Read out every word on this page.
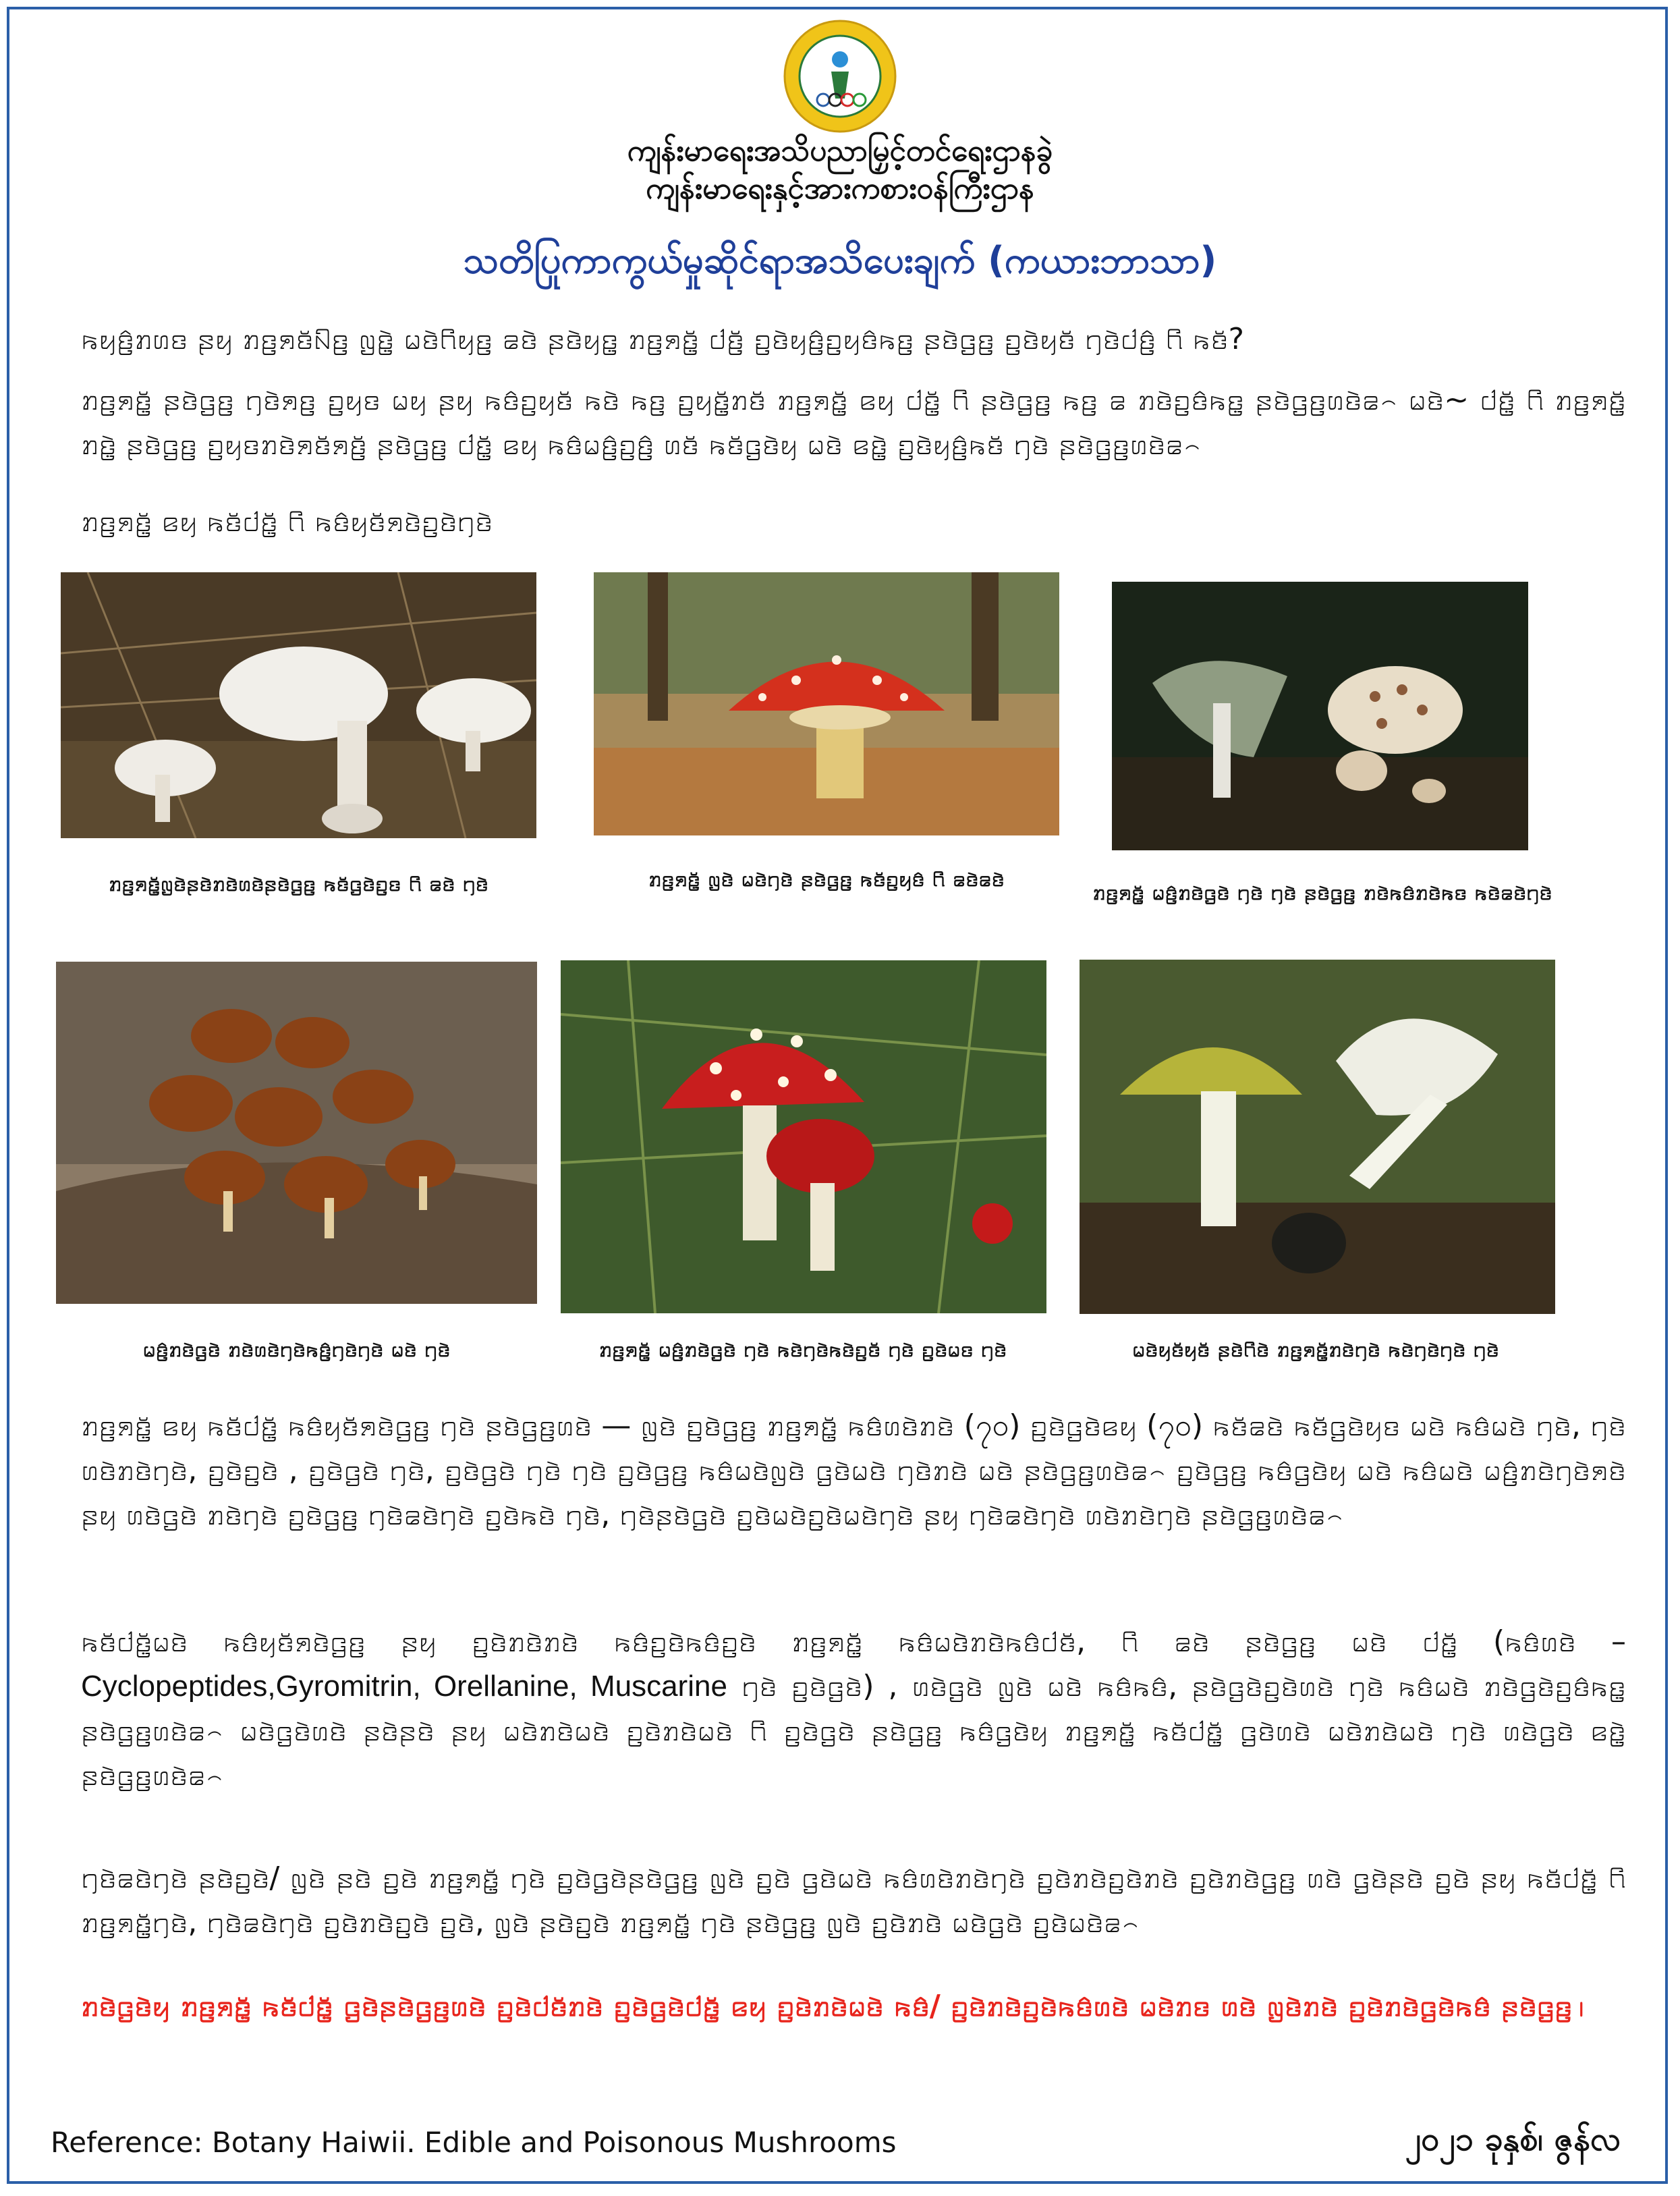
ကျန်းမာရေးအသိပညာမြှင့်တင်ရေးဌာနခွဲ
ကျန်းမာရေးနှင့်အားကစားဝန်ကြီးဌာန
သတိပြုကာကွယ်မှုဆိုင်ရာအသိပေးချက် (ကယားဘာသာ)
ꤒꤟꤢꤨ꤬ꤊꤛꤢ ꤔꤟ ꤊꤢ꤬ꤎꤢꤩꤡꤢ꤬ ꤜꤢꤧ꤭ ꤗꤢꤧꤖꤟꤢ꤬ ꤘꤢꤧ ꤔꤢꤧꤟꤢ꤭ ꤊꤢ꤬ꤎꤢꤩ꤭ ꤓꤢꤩ꤬ ꤑꤢꤧꤟꤢꤨ꤬ꤑꤟꤢꤨꤒꤢ꤬ ꤔꤢꤧꤞꤢ꤬ ꤑꤢꤧꤟꤢꤩ ꤚꤢꤧꤓꤢꤨ꤬ ꤖ ꤒꤢꤩ?
ꤊꤢ꤬ꤎꤢꤩ꤭ ꤔꤢꤧꤞꤢ꤬ ꤚꤢꤧꤎꤢ꤬ ꤑꤟꤢ ꤗꤟ ꤔꤟ ꤒꤢꤨꤑꤟꤢꤩ ꤒꤢꤧ ꤒꤢ꤬ ꤑꤟꤢꤩ꤭ꤊꤢꤩ ꤊꤢ꤬ꤎꤢꤩ꤭ ꤕꤟ ꤓꤢꤩ꤭ ꤖ ꤔꤢꤧꤞꤢ꤬ ꤒꤢ꤬ ꤘ ꤊꤢꤧꤑꤢꤨꤒꤢ꤭ ꤔꤢꤧꤞꤢ꤬ꤛꤢꤧꤘ꤮ ꤗꤢꤧ~ ꤓꤢꤩ꤭ ꤖ ꤊꤢ꤬ꤎꤢꤩ꤭ ꤊꤢꤧ꤭ ꤔꤢꤧꤞꤢ꤬ ꤑꤟꤢꤊꤢꤧꤎꤢꤩꤎꤢꤩ꤬ ꤔꤢꤧꤞꤢ꤬ ꤓꤢꤩ꤭ ꤕꤟ ꤒꤢꤨꤗꤢꤨ꤬ꤑꤢꤨ꤬ ꤛꤢꤩ ꤒꤢꤩꤞꤢꤧꤟ ꤗꤢꤧ ꤕꤢꤧ꤭ ꤑꤢꤧꤟꤢꤨ꤬ꤒꤢꤩ ꤚꤢꤧ ꤔꤢꤧꤞꤢ꤬ꤛꤢꤧꤘ꤮
ꤊꤢ꤬ꤎꤢꤩ꤭ ꤕꤟ ꤒꤢꤩꤓꤢꤩ꤭ ꤖ ꤒꤢꤨꤟꤢꤩꤎꤢꤧꤑꤢꤧꤚꤢꤧ
ꤊꤢ꤬ꤎꤢꤩ꤭ꤜꤢꤧꤔꤢꤧꤊꤢꤧꤛꤢꤧꤔꤢꤧꤞꤢ꤬ ꤒꤢꤩꤞꤢꤧꤑꤢ ꤖ ꤘꤢꤧ ꤚꤢꤧ	ꤊꤢ꤬ꤎꤢꤩ꤭ ꤜꤢꤧ ꤗꤢꤧꤚꤢꤧ ꤔꤢꤧꤞꤢ꤬ ꤒꤢꤩꤑꤟꤢꤨ ꤖ ꤘꤢꤧꤘꤢꤧ
ꤊꤢ꤬ꤎꤢꤩ꤭ ꤗꤢꤨ꤬ꤊꤢꤧꤞꤢꤧ ꤚꤢꤧ ꤚꤢꤧ ꤔꤢꤧꤞꤢ꤬ ꤊꤢꤧꤒꤢꤨꤊꤢꤧꤒꤢ ꤒꤢꤧꤘꤢꤧꤚꤢꤧ
ꤗꤢꤨ꤬ꤊꤢꤧꤞꤢꤧ ꤊꤢꤧꤛꤢꤧꤚꤢꤧꤒꤢꤨ꤬ꤚꤢꤧꤚꤢꤧ ꤗꤢꤧ ꤚꤢꤧ	ꤊꤢ꤬ꤎꤢꤩ꤭ ꤗꤢꤨ꤬ꤊꤢꤧꤞꤢꤧ ꤚꤢꤧ ꤒꤢꤧꤚꤢꤧꤒꤢꤧꤑꤢꤩ ꤚꤢꤧ ꤑꤢꤧꤗꤢ ꤚꤢꤧ	ꤗꤢꤧꤟꤢꤩꤟꤢꤩ ꤔꤢꤧꤖꤢꤧ ꤊꤢ꤬ꤎꤢꤩ꤭ꤊꤢꤧꤚꤢꤧ ꤒꤢꤧꤚꤢꤧꤚꤢꤧ ꤚꤢꤧ
ꤊꤢ꤬ꤎꤢꤩ꤭ ꤕꤟ ꤒꤢꤩꤓꤢꤩ꤭ ꤒꤢꤨꤟꤢꤩꤎꤢꤧꤞꤢ꤬ ꤚꤢꤧ ꤔꤢꤧꤞꤢ꤬ꤛꤢꤧ — ꤜꤢꤧ ꤑꤢꤧꤞꤢ꤬ ꤊꤢ꤬ꤎꤢꤩ꤭ ꤒꤢꤨꤛꤢꤧꤊꤢꤧ (၇၀) ꤑꤢꤧꤞꤢꤧꤕꤟ (၇၀) ꤒꤢꤩꤘꤢꤧ ꤒꤢꤩꤞꤢꤧꤟꤢ ꤗꤢꤧ ꤒꤢꤨꤗꤢꤧ ꤚꤢꤧ, ꤚꤢꤧ ꤛꤢꤧꤊꤢꤧꤚꤢꤧ, ꤑꤢꤧꤑꤢꤧ , ꤑꤢꤧꤞꤢꤧ ꤚꤢꤧ, ꤑꤢꤧꤞꤢꤧ ꤚꤢꤧ ꤚꤢꤧ ꤑꤢꤧꤞꤢ꤬ ꤒꤢꤨꤗꤢꤧꤜꤢꤧ ꤞꤢꤧꤗꤢꤧ ꤚꤢꤧꤊꤢꤧ ꤗꤢꤧ ꤔꤢꤧꤞꤢ꤬ꤛꤢꤧꤘ꤮ ꤑꤢꤧꤞꤢ꤬ ꤒꤢꤨꤞꤢꤧꤟ ꤗꤢꤧ ꤒꤢꤨꤗꤢꤧ ꤗꤢꤨ꤬ꤊꤢꤧꤚꤢꤧꤎꤢꤧ ꤔꤟ ꤛꤢꤧꤞꤢꤧ ꤊꤢꤧꤚꤢꤧ ꤑꤢꤧꤞꤢ꤬ ꤚꤢꤧꤘꤢꤧꤚꤢꤧ ꤑꤢꤧꤒꤢꤧ ꤚꤢꤧ, ꤚꤢꤧꤔꤢꤧꤞꤢꤧ ꤑꤢꤧꤗꤢꤧꤑꤢꤧꤗꤢꤧꤚꤢꤧ ꤔꤟ ꤚꤢꤧꤘꤢꤧꤚꤢꤧ ꤛꤢꤧꤊꤢꤧꤚꤢꤧ ꤔꤢꤧꤞꤢ꤬ꤛꤢꤧꤘ꤮
ꤒꤢꤩꤓꤢꤩ꤭ꤗꤢꤧ ꤒꤢꤨꤟꤢꤩꤎꤢꤧꤞꤢ꤬ ꤔꤟ ꤑꤢꤧꤊꤢꤧꤊꤢꤧ ꤒꤢꤨꤑꤢꤧꤒꤢꤨꤑꤢꤧ ꤊꤢ꤬ꤎꤢꤩ꤭ ꤒꤢꤨꤗꤢꤧꤊꤢꤧꤒꤢꤨꤓꤢꤩ, ꤖ ꤘꤢꤧ ꤔꤢꤧꤞꤢ꤬ ꤗꤢꤧ ꤓꤢꤩ꤭ (ꤒꤢꤨꤛꤢꤧ – Cyclopeptides,Gyromitrin, Orellanine, Muscarine ꤚꤢꤧ ꤑꤢꤧꤞꤢꤧ) , ꤛꤢꤧꤞꤢꤧ ꤜꤢꤧ ꤗꤢꤧ ꤒꤢꤨꤒꤢꤨ, ꤔꤢꤧꤞꤢꤧꤑꤢꤧꤛꤢꤧ ꤚꤢꤧ ꤒꤢꤨꤗꤢꤧ ꤊꤢꤧꤞꤢꤧꤑꤢꤨꤒꤢ꤭ ꤔꤢꤧꤞꤢ꤬ꤛꤢꤧꤘ꤮ ꤗꤢꤧꤞꤢꤧꤛꤢꤧ ꤔꤢꤧꤔꤢꤧ ꤔꤟ ꤗꤢꤧꤊꤢꤧꤗꤢꤧ ꤑꤢꤧꤊꤢꤧꤗꤢꤧ ꤖ ꤑꤢꤧꤞꤢꤧ ꤔꤢꤧꤞꤢ꤬ ꤒꤢꤨꤞꤢꤧꤟ ꤊꤢ꤬ꤎꤢꤩ꤭ ꤒꤢꤩꤓꤢꤩ꤭ ꤞꤢꤧꤛꤢꤧ ꤗꤢꤧꤊꤢꤧꤗꤢꤧ ꤚꤢꤧ ꤛꤢꤧꤞꤢꤧ ꤕꤢꤧ꤭ ꤔꤢꤧꤞꤢ꤬ꤛꤢꤧꤘ꤮
ꤚꤢꤧꤘꤢꤧꤚꤢꤧ ꤔꤢꤧꤑꤢꤧ/ ꤜꤢꤧ ꤔꤢꤧ ꤑꤢꤧ ꤊꤢ꤬ꤎꤢꤩ꤭ ꤚꤢꤧ ꤑꤢꤧꤞꤢꤧꤔꤢꤧꤞꤢ꤬ ꤜꤢꤧ ꤑꤢꤧ ꤞꤢꤧꤗꤢꤧ ꤒꤢꤨꤛꤢꤧꤊꤢꤧꤚꤢꤧ ꤑꤢꤧꤊꤢꤧꤑꤢꤧꤊꤢꤧ ꤑꤢꤧꤊꤢꤧꤞꤢ꤬ ꤛꤢꤧ ꤞꤢꤧꤔꤢꤧ ꤑꤢꤧ ꤔꤟ ꤒꤢꤩꤓꤢꤩ꤭ ꤖ ꤊꤢ꤬ꤎꤢꤩ꤭ꤚꤢꤧ, ꤚꤢꤧꤘꤢꤧꤚꤢꤧ ꤑꤢꤧꤊꤢꤧꤑꤢꤧ ꤑꤢꤧ, ꤜꤢꤧ ꤔꤢꤧꤑꤢꤧ ꤊꤢ꤬ꤎꤢꤩ꤭ ꤚꤢꤧ ꤔꤢꤧꤞꤢ꤬ ꤜꤢꤧ ꤑꤢꤧꤊꤢꤧ ꤗꤢꤧꤞꤢꤧ ꤑꤢꤧꤗꤢꤧꤘ꤮
ꤊꤢꤧꤞꤢꤧꤟ ꤊꤢ꤬ꤎꤢꤩ꤭ ꤒꤢꤩꤓꤢꤩ꤭ ꤞꤢꤧꤔꤢꤧꤞꤢ꤬ꤛꤢꤧ ꤑꤢꤧꤓꤢꤩꤊꤢꤧ ꤑꤢꤧꤞꤢꤧꤓꤢꤩ꤭ ꤕꤟ ꤑꤢꤧꤊꤢꤧꤗꤢꤧ ꤒꤢꤨ/ ꤑꤢꤧꤊꤢꤧꤑꤢꤧꤒꤢꤨꤛꤢꤧ ꤗꤢꤧꤊꤢ ꤛꤢꤧ ꤜꤢꤧꤊꤢꤧ ꤑꤢꤧꤊꤢꤧꤞꤢꤧꤒꤢꤨ ꤔꤢꤧꤞꤢ꤬꤯
Reference: Botany Haiwii. Edible and Poisonous Mushrooms	၂၀၂၁ ခုနှစ်၊ ဇွန်လ
